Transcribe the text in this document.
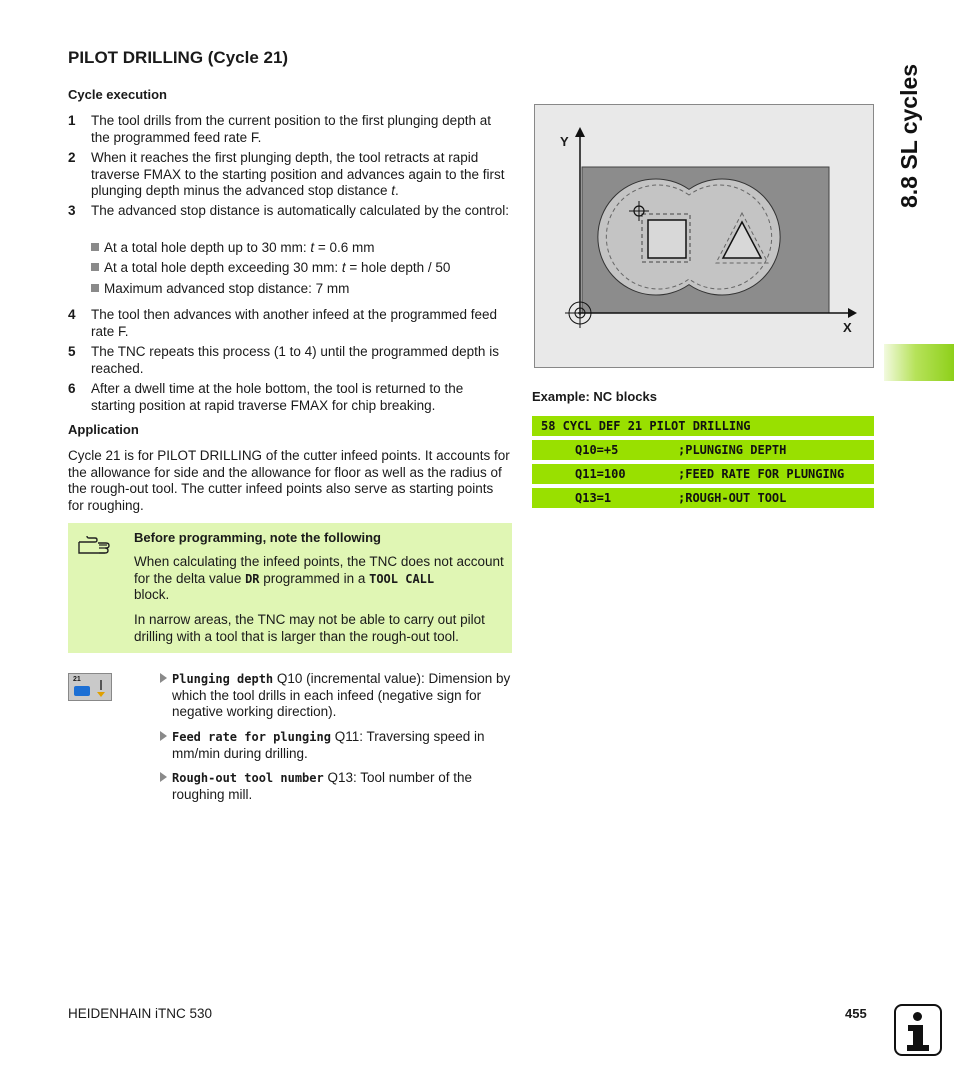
PILOT DRILLING (Cycle 21)
Cycle execution
1 The tool drills from the current position to the first plunging depth at the programmed feed rate F.
2 When it reaches the first plunging depth, the tool retracts at rapid traverse FMAX to the starting position and advances again to the first plunging depth minus the advanced stop distance t.
3 The advanced stop distance is automatically calculated by the control:
At a total hole depth up to 30 mm: t = 0.6 mm
At a total hole depth exceeding 30 mm: t = hole depth / 50
Maximum advanced stop distance: 7 mm
4 The tool then advances with another infeed at the programmed feed rate F.
5 The TNC repeats this process (1 to 4) until the programmed depth is reached.
6 After a dwell time at the hole bottom, the tool is returned to the starting position at rapid traverse FMAX for chip breaking.
Application
Cycle 21 is for PILOT DRILLING of the cutter infeed points. It accounts for the allowance for side and the allowance for floor as well as the radius of the rough-out tool. The cutter infeed points also serve as starting points for roughing.
Before programming, note the following
When calculating the infeed points, the TNC does not account for the delta value DR programmed in a TOOL CALL
block.
In narrow areas, the TNC may not be able to carry out pilot drilling with a tool that is larger than the rough-out tool.
21	Plunging depth Q10 (incremental value): Dimension by which the tool drills in each infeed (negative sign for negative working direction).
Feed rate for plunging Q11: Traversing speed in mm/min during drilling.
Rough-out tool number Q13: Tool number of the roughing mill.
Y
X
Example: NC blocks
58 CYCL DEF 21 PILOT DRILLING
Q10=+5	;PLUNGING DEPTH
Q11=100	;FEED RATE FOR PLUNGING
Q13=1	;ROUGH-OUT TOOL
8.8 SL cycles
HEIDENHAIN iTNC 530	455
